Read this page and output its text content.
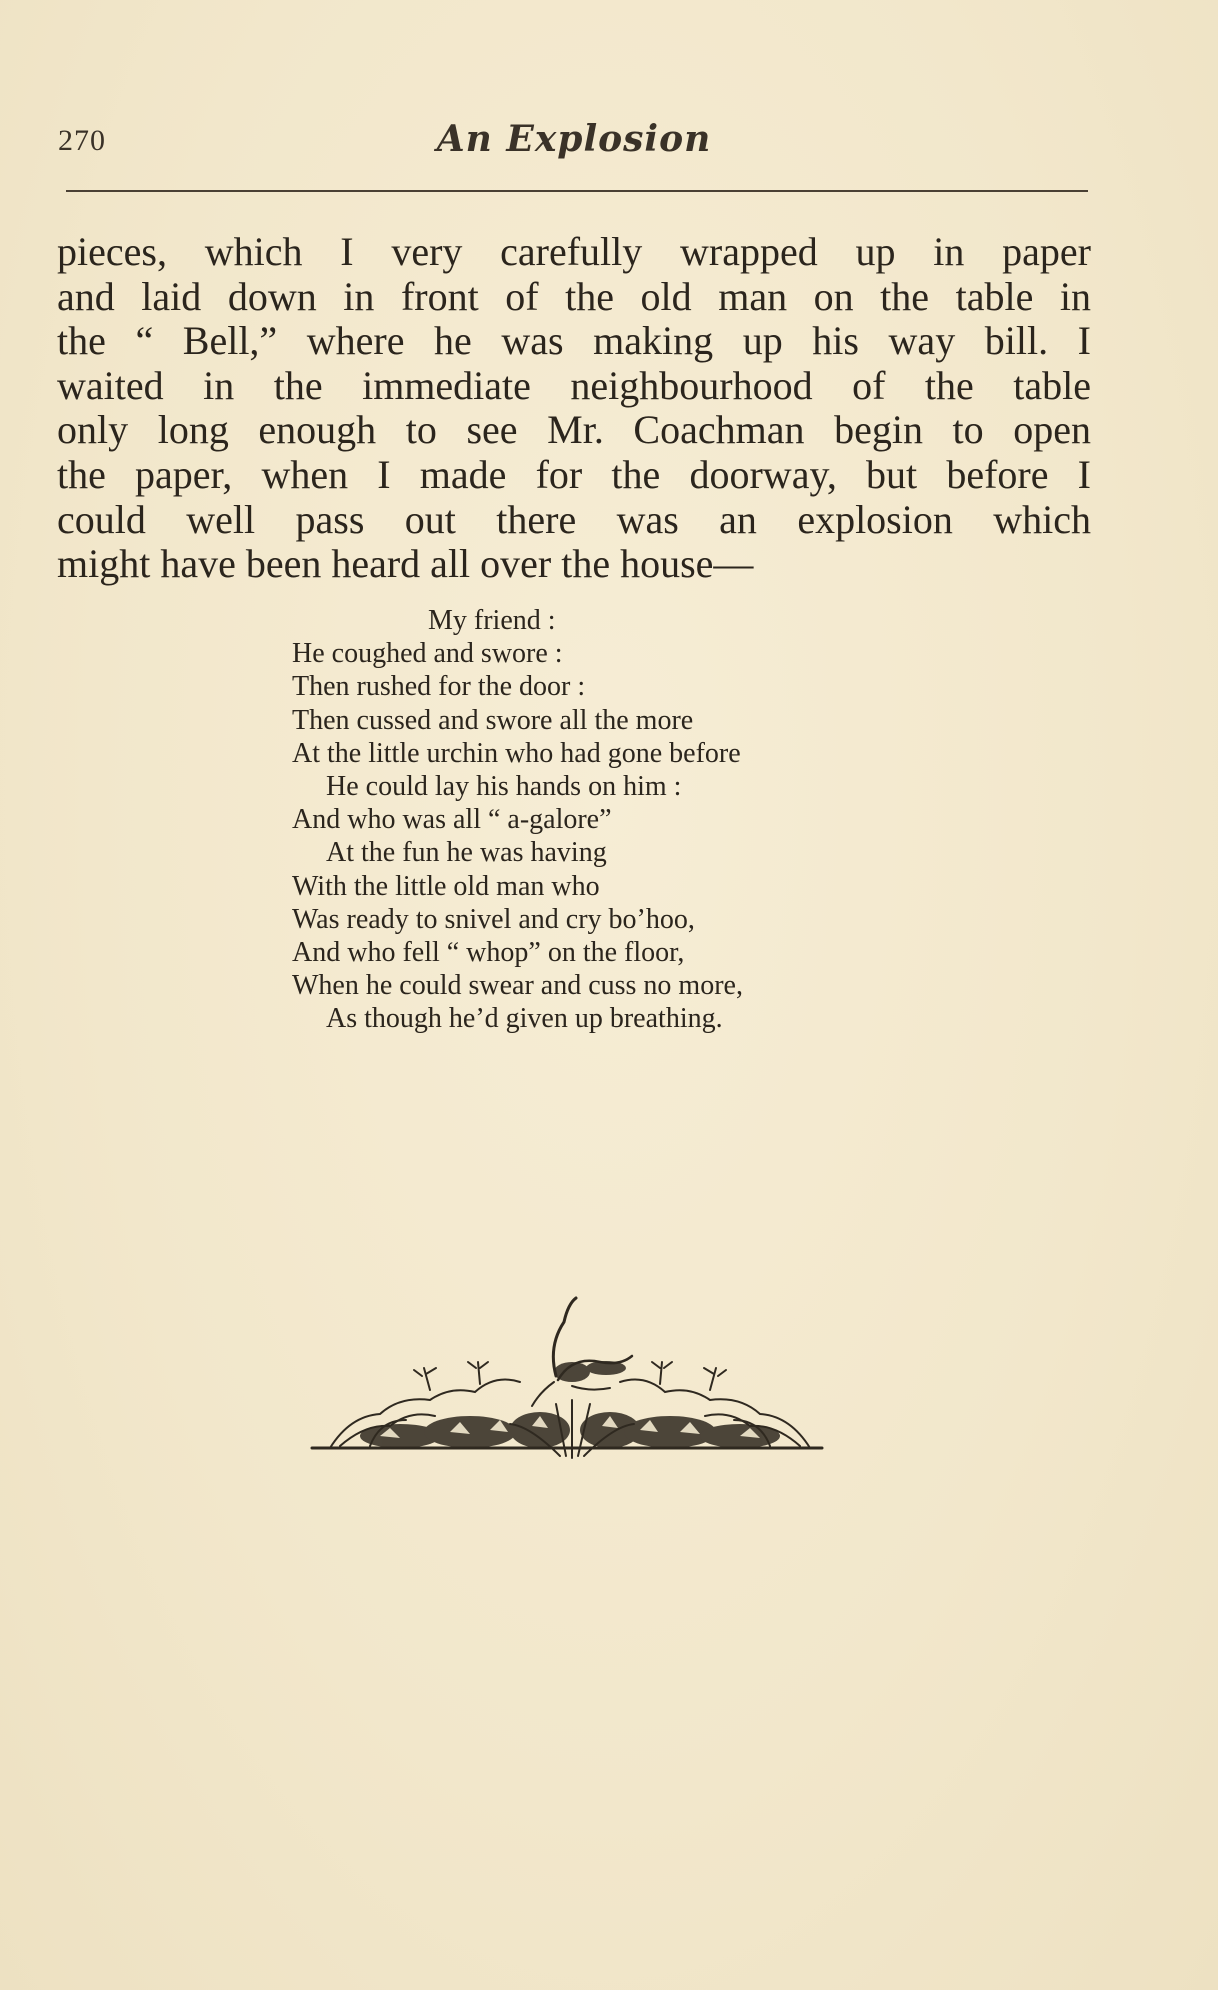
270	An Explosion
pieces, which I very carefully wrapped up in paper
and laid down in front of the old man on the table in
the “ Bell,” where he was making up his way bill. I
waited in the immediate neighbourhood of the table
only long enough to see Mr. Coachman begin to open
the paper, when I made for the doorway, but before I
could well pass out there was an explosion which
might have been heard all over the house—
My friend :
He coughed and swore :
Then rushed for the door :
Then cussed and swore all the more
At the little urchin who had gone before
He could lay his hands on him :
And who was all “ a-galore”
At the fun he was having
With the little old man who
Was ready to snivel and cry bo’hoo,
And who fell “ whop” on the floor,
When he could swear and cuss no more,
As though he’d given up breathing.
